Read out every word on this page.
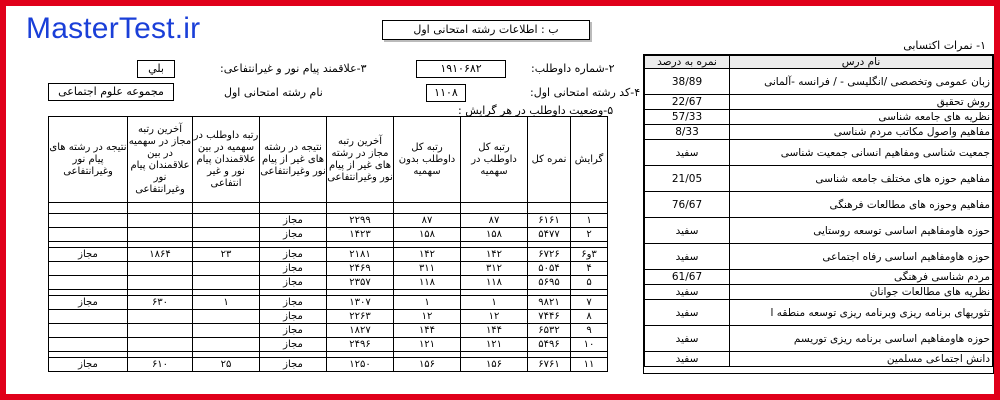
MasterTest.ir	ب : اطلاعات رشته امتحانی اول
۱- نمرات اکتسابی
نام درس	نمره به درصد
زبان عمومی وتخصصی /انگلیسی - / فرانسه -آلمانی	38/89
روش تحقیق	22/67
نظریه های جامعه شناسی	57/33
مفاهیم واصول مکاتب مردم شناسی	8/33
جمعیت شناسی ومفاهیم انسانی جمعیت شناسی	سفید
مفاهیم حوزه های مختلف جامعه شناسی	21/05
مفاهیم وحوزه های مطالعات فرهنگی	76/67
حوزه هاومفاهیم اساسی توسعه روستایی	سفید
حوزه هاومفاهیم اساسی رفاه اجتماعی	سفید
مردم شناسی فرهنگی	61/67
نظریه های مطالعات جوانان	سفید
تئوریهای برنامه ریزی وبرنامه ریزی توسعه منطقه ا	سفید
حوزه هاومفاهیم اساسی برنامه ریزی توریسم	سفید
دانش اجتماعی مسلمین	سفید
۲-شماره داوطلب:
۱۹۱۰۶۸۲
۳-علاقمند پیام نور و غیرانتفاعی:
بلي
۴-کد رشته امتحانی اول:
۱۱۰۸
نام رشته امتحانی اول
مجموعه علوم اجتماعی
۵-وضعیت داوطلب در هر گرایش :
گرایش	نمره کل	رتبه کل داوطلب در سهمیه	رتبه کل داوطلب بدون سهمیه	آخرین رتبه مجاز در رشته های غیر از پیام نور وغیرانتفاعی	نتیجه در رشته های غیر از پیام نور وغیرانتفاعی	رتبه داوطلب در سهمیه در بین علاقمندان پیام نور و غیر انتفاعی	آخرین رتبه مجاز در سهمیه در بین علاقمندان پیام نور وغیرانتفاعی	نتیجه در رشته های پیام نور وغیرانتفاعی

۱	۶۱۶۱	۸۷	۸۷	۲۲۹۹	مجاز			
۲	۵۴۷۷	۱۵۸	۱۵۸	۱۴۲۳	مجاز			

۳و۶	۶۷۲۶	۱۴۲	۱۴۲	۲۱۸۱	مجاز	۲۳	۱۸۶۴	مجاز
۴	۵۰۵۴	۳۱۲	۳۱۱	۲۴۶۹	مجاز			
۵	۵۶۹۵	۱۱۸	۱۱۸	۲۳۵۷	مجاز			

۷	۹۸۲۱	۱	۱	۱۳۰۷	مجاز	۱	۶۳۰	مجاز
۸	۷۴۴۶	۱۲	۱۲	۲۲۶۳	مجاز			
۹	۶۵۳۲	۱۴۴	۱۴۴	۱۸۲۷	مجاز			
۱۰	۵۴۹۶	۱۲۱	۱۲۱	۲۴۹۶	مجاز			

۱۱	۶۷۶۱	۱۵۶	۱۵۶	۱۲۵۰	مجاز	۲۵	۶۱۰	مجاز
